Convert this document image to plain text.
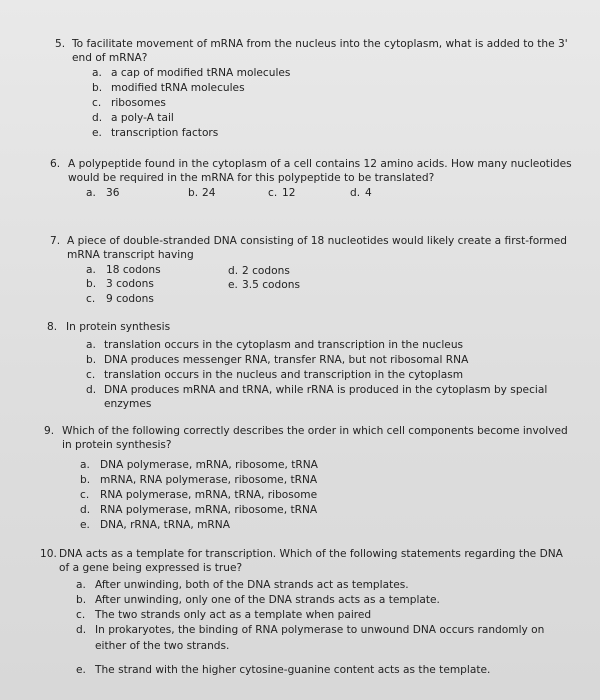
5. To facilitate movement of mRNA from the nucleus into the cytoplasm, what is added to the 3'
end of mRNA?
a. a cap of modified tRNA molecules
b. modified tRNA molecules
c. ribosomes
d. a poly-A tail
e. transcription factors
6. A polypeptide found in the cytoplasm of a cell contains 12 amino acids. How many nucleotides
would be required in the mRNA for this polypeptide to be translated?
a. 36	b. 24	c. 12	d. 4
7. A piece of double-stranded DNA consisting of 18 nucleotides would likely create a first-formed
mRNA transcript having
a. 18 codons
b. 3 codons
c. 9 codons
d. 2 codons
e. 3.5 codons
8. In protein synthesis
a. translation occurs in the cytoplasm and transcription in the nucleus
b. DNA produces messenger RNA, transfer RNA, but not ribosomal RNA
c. translation occurs in the nucleus and transcription in the cytoplasm
d. DNA produces mRNA and tRNA, while rRNA is produced in the cytoplasm by special
enzymes
9. Which of the following correctly describes the order in which cell components become involved
in protein synthesis?
a. DNA polymerase, mRNA, ribosome, tRNA
b. mRNA, RNA polymerase, ribosome, tRNA
c. RNA polymerase, mRNA, tRNA, ribosome
d. RNA polymerase, mRNA, ribosome, tRNA
e. DNA, rRNA, tRNA, mRNA
10. DNA acts as a template for transcription. Which of the following statements regarding the DNA
of a gene being expressed is true?
a. After unwinding, both of the DNA strands act as templates.
b. After unwinding, only one of the DNA strands acts as a template.
c. The two strands only act as a template when paired
d. In prokaryotes, the binding of RNA polymerase to unwound DNA occurs randomly on
either of the two strands.
e. The strand with the higher cytosine-guanine content acts as the template.
